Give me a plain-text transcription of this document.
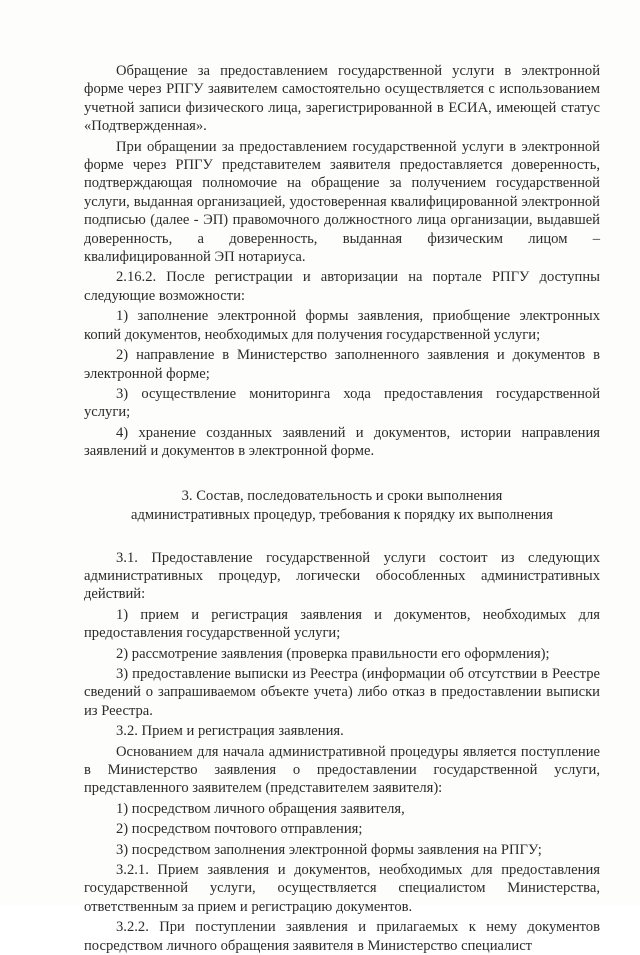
Обращение за предоставлением государственной услуги в электронной форме через РПГУ заявителем самостоятельно осуществляется с использованием учетной записи физического лица, зарегистрированной в ЕСИА, имеющей статус «Подтвержденная».

При обращении за предоставлением государственной услуги в электронной форме через РПГУ представителем заявителя предоставляется доверенность, подтверждающая полномочие на обращение за получением государственной услуги, выданная организацией, удостоверенная квалифицированной электронной подписью (далее - ЭП) правомочного должностного лица организации, выдавшей доверенность, а доверенность, выданная физическим лицом – квалифицированной ЭП нотариуса.

2.16.2. После регистрации и авторизации на портале РПГУ доступны следующие возможности:

1) заполнение электронной формы заявления, приобщение электронных копий документов, необходимых для получения государственной услуги;

2) направление в Министерство заполненного заявления и документов в электронной форме;

3) осуществление мониторинга хода предоставления государственной услуги;

4) хранение созданных заявлений и документов, истории направления заявлений и документов в электронной форме.

3. Состав, последовательность и сроки выполнения
административных процедур, требования к порядку их выполнения

3.1. Предоставление государственной услуги состоит из следующих административных процедур, логически обособленных административных действий:

1) прием и регистрация заявления и документов, необходимых для предоставления государственной услуги;

2) рассмотрение заявления (проверка правильности его оформления);

3) предоставление выписки из Реестра (информации об отсутствии в Реестре сведений о запрашиваемом объекте учета) либо отказ в предоставлении выписки из Реестра.

3.2. Прием и регистрация заявления.

Основанием для начала административной процедуры является поступление в Министерство заявления о предоставлении государственной услуги, представленного заявителем (представителем заявителя):

1) посредством личного обращения заявителя,

2) посредством почтового отправления;

3) посредством заполнения электронной формы заявления на РПГУ;

3.2.1. Прием заявления и документов, необходимых для предоставления государственной услуги, осуществляется специалистом Министерства, ответственным за прием и регистрацию документов.

3.2.2. При поступлении заявления и прилагаемых к нему документов посредством личного обращения заявителя в Министерство специалист
